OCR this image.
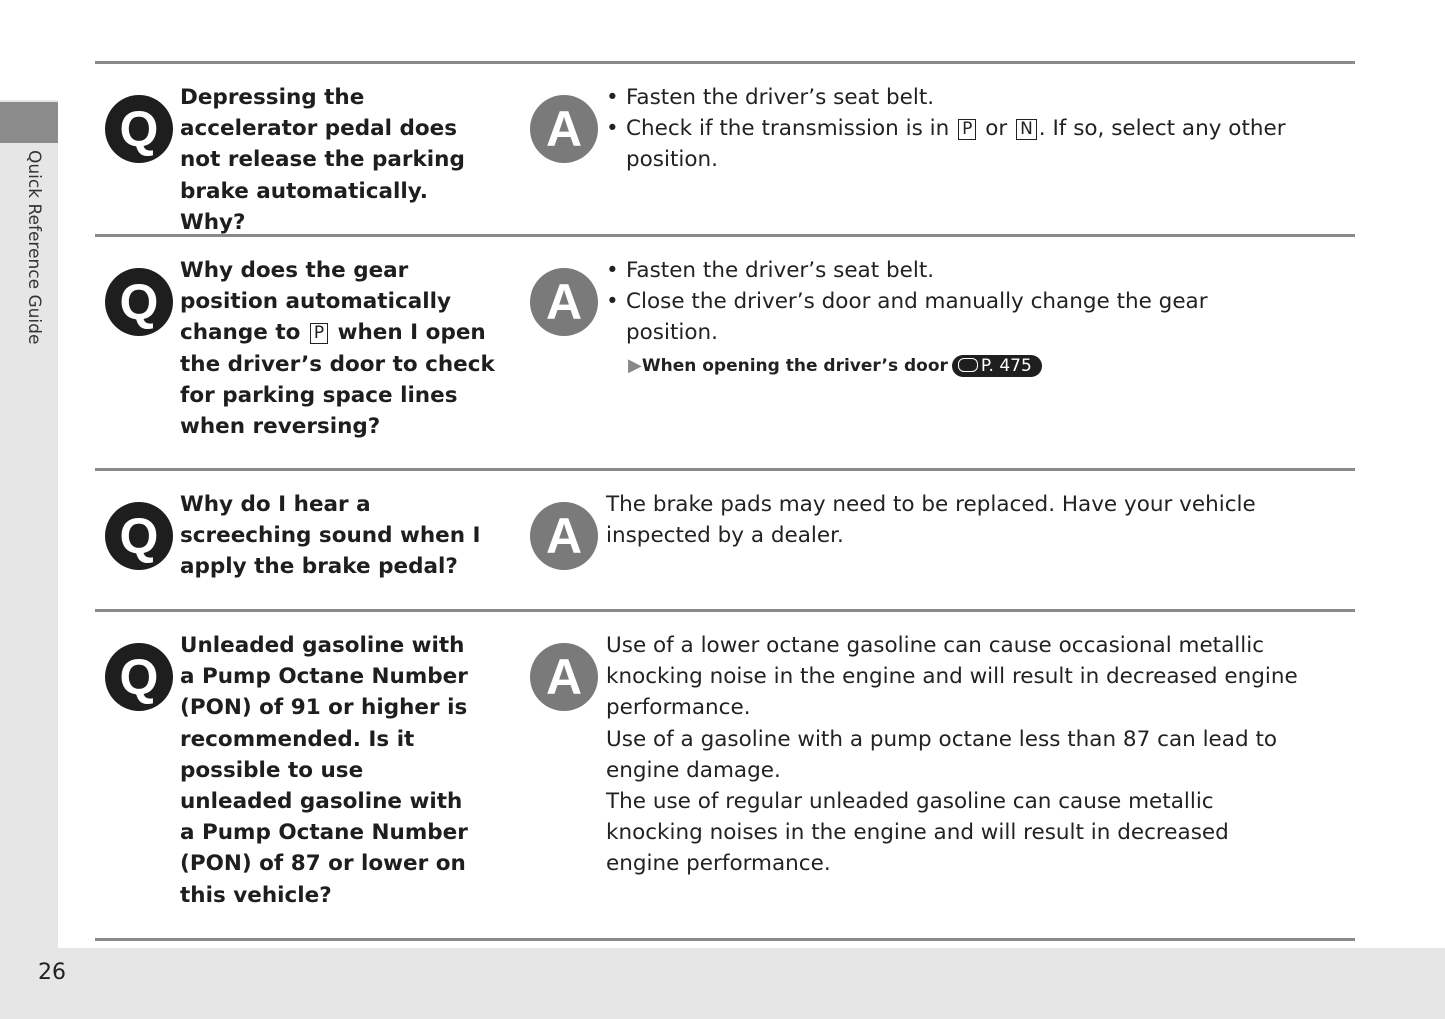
Quick Reference Guide
26
Q
Depressing the accelerator pedal does not release the parking brake automatically. Why?
A
• Fasten the driver’s seat belt.
• Check if the transmission is in P or N . If so, select any other position.
Q
Why does the gear position automatically change to P when I open the driver’s door to check for parking space lines when reversing?
A
• Fasten the driver’s seat belt.
• Close the driver’s door and manually change the gear position.
▶When opening the driver’s door P. 475
Q
Why do I hear a screeching sound when I apply the brake pedal?
A
The brake pads may need to be replaced. Have your vehicle inspected by a dealer.
Q
Unleaded gasoline with a Pump Octane Number (PON) of 91 or higher is recommended. Is it possible to use unleaded gasoline with a Pump Octane Number (PON) of 87 or lower on this vehicle?
A
Use of a lower octane gasoline can cause occasional metallic knocking noise in the engine and will result in decreased engine performance.
Use of a gasoline with a pump octane less than 87 can lead to engine damage.
The use of regular unleaded gasoline can cause metallic knocking noises in the engine and will result in decreased engine performance.
